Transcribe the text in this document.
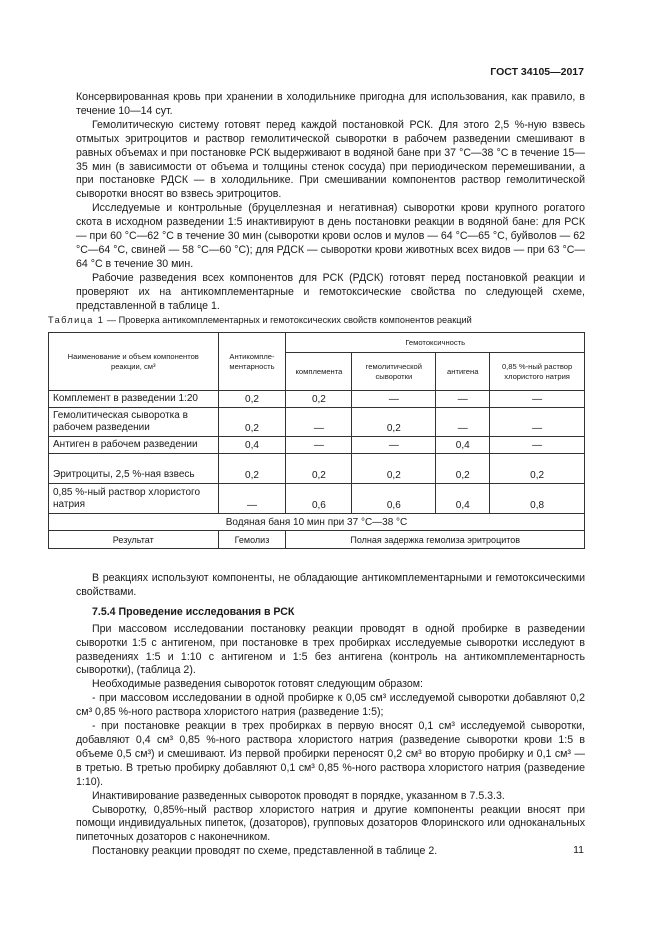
ГОСТ 34105—2017

Консервированная кровь при хранении в холодильнике пригодна для использования, как правило, в течение 10—14 сут.

Гемолитическую систему готовят перед каждой постановкой РСК. Для этого 2,5 %-ную взвесь отмытых эритроцитов и раствор гемолитической сыворотки в рабочем разведении смешивают в равных объемах и при постановке РСК выдерживают в водяной бане при 37 °С—38 °С в течение 15—35 мин (в зависимости от объема и толщины стенок сосуда) при периодическом перемешивании, а при постановке РДСК — в холодильнике. При смешивании компонентов раствор гемолитической сыворотки вносят во взвесь эритроцитов.

Исследуемые и контрольные (бруцеллезная и негативная) сыворотки крови крупного рогатого скота в исходном разведении 1:5 инактивируют в день постановки реакции в водяной бане: для РСК — при 60 °С—62 °С в течение 30 мин (сыворотки крови ослов и мулов — 64 °С—65 °С, буйволов — 62 °С—64 °С, свиней — 58 °С—60 °С); для РДСК — сыворотки крови животных всех видов — при 63 °С—64 °С в течение 30 мин.

Рабочие разведения всех компонентов для РСК (РДСК) готовят перед постановкой реакции и проверяют их на антикомплементарные и гемотоксические свойства по следующей схеме, представленной в таблице 1.

Таблица 1 — Проверка антикомплементарных и гемотоксических свойств компонентов реакций
Наименование и объем компонентов реакции, см³	Антикомпле- ментарность	Гемотоксичность			
		комплемента	гемолитической сыворотки	антигена	0,85 %-ный раствор хлористого натрия
Комплемент в разведении 1:20	0,2	0,2	—	—	—
Гемолитическая сыворотка в рабочем разведении	0,2	—	0,2	—	—
Антиген в рабочем разведении	0,4	—	—	0,4	—
Эритроциты, 2,5 %-ная взвесь	0,2	0,2	0,2	0,2	0,2
0,85 %-ный раствор хлористого натрия	—	0,6	0,6	0,4	0,8
Водяная баня 10 мин при 37 °С—38 °С					
Результат	Гемолиз	Полная задержка гемолиза эритроцитов			

В реакциях используют компоненты, не обладающие антикомплементарными и гемотоксическими свойствами.

7.5.4 Проведение исследования в РСК

При массовом исследовании постановку реакции проводят в одной пробирке в разведении сыворотки 1:5 с антигеном, при постановке в трех пробирках исследуемые сыворотки исследуют в разведениях 1:5 и 1:10 с антигеном и 1:5 без антигена (контроль на антикомплементарность сыворотки), (таблица 2).

Необходимые разведения сывороток готовят следующим образом:

- при массовом исследовании в одной пробирке к 0,05 см³ исследуемой сыворотки добавляют 0,2 см³ 0,85 %-ного раствора хлористого натрия (разведение 1:5);

- при постановке реакции в трех пробирках в первую вносят 0,1 см³ исследуемой сыворотки, добавляют 0,4 см³ 0,85 %-ного раствора хлористого натрия (разведение сыворотки крови 1:5 в объеме 0,5 см³) и смешивают. Из первой пробирки переносят 0,2 см³ во вторую пробирку и 0,1 см³ — в третью. В третью пробирку добавляют 0,1 см³ 0,85 %-ного раствора хлористого натрия (разведение 1:10).

Инактивирование разведенных сывороток проводят в порядке, указанном в 7.5.3.3.

Сыворотку, 0,85%-ный раствор хлористого натрия и другие компоненты реакции вносят при помощи индивидуальных пипеток, (дозаторов), групповых дозаторов Флоринского или одноканальных пипеточных дозаторов с наконечником.

Постановку реакции проводят по схеме, представленной в таблице 2.	11
